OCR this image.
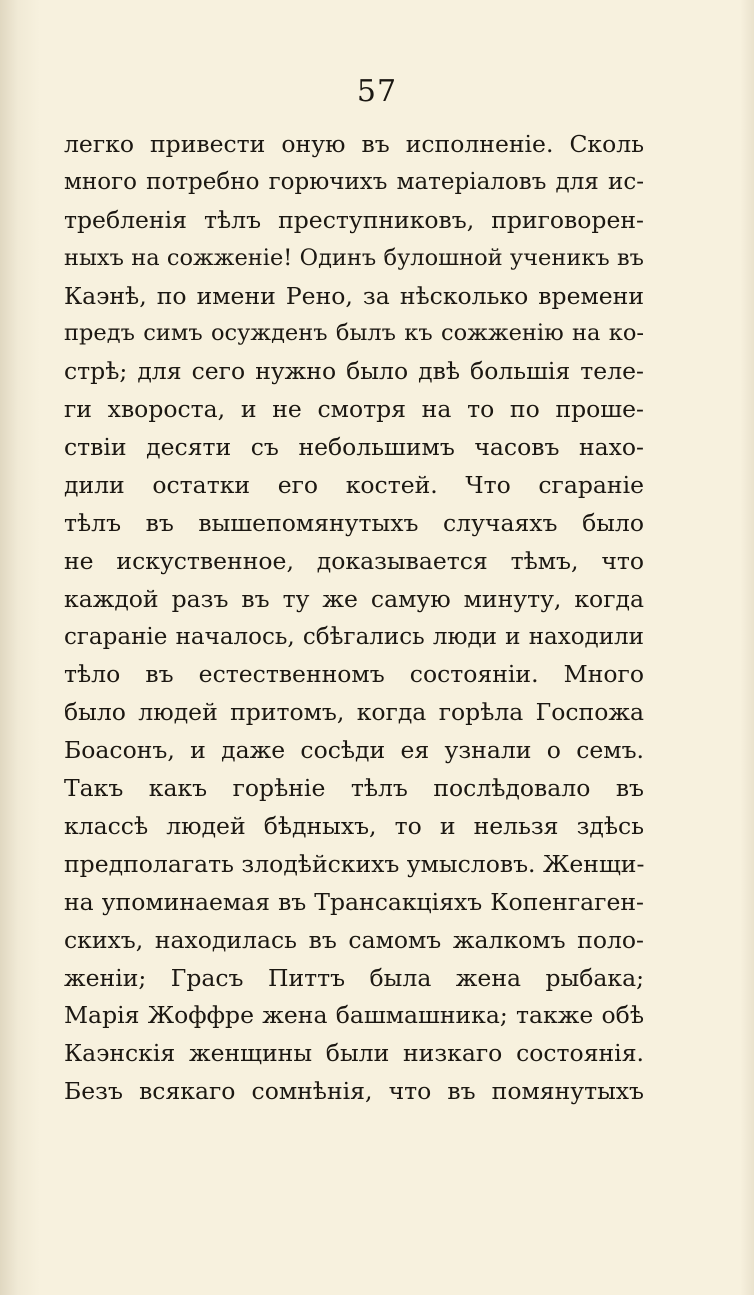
57
легко привести оную въ исполненіе. Сколь
много потребно горючихъ матеріаловъ для ис-
требленія тѣлъ преступниковъ, приговорен-
ныхъ на сожженіе! Одинъ булошной ученикъ въ
Каэнѣ, по имени Рено, за нѣсколько времени
предъ симъ осужденъ былъ къ сожженію на ко-
стрѣ; для сего нужно было двѣ большія теле-
ги хвороста, и не смотря на то по проше-
ствіи десяти съ небольшимъ часовъ нахо-
дили остатки его костей. Что сгараніе
тѣлъ въ вышепомянутыхъ случаяхъ было
не искуственное, доказывается тѣмъ, что
каждой разъ въ ту же самую минуту, когда
сгараніе началось, сбѣгались люди и находили
тѣло въ естественномъ состояніи. Много
было людей притомъ, когда горѣла Госпожа
Боасонъ, и даже сосѣди ея узнали о семъ.
Такъ какъ горѣніе тѣлъ послѣдовало въ
классѣ людей бѣдныхъ, то и нельзя здѣсь
предполагать злодѣйскихъ умысловъ. Женщи-
на упоминаемая въ Трансакціяхъ Копенгаген-
скихъ, находилась въ самомъ жалкомъ поло-
женіи; Грасъ Питтъ была жена рыбака;
Марія Жоффре жена башмашника; также обѣ
Каэнскія женщины были низкаго состоянія.
Безъ всякаго сомнѣнія, что въ помянутыхъ
